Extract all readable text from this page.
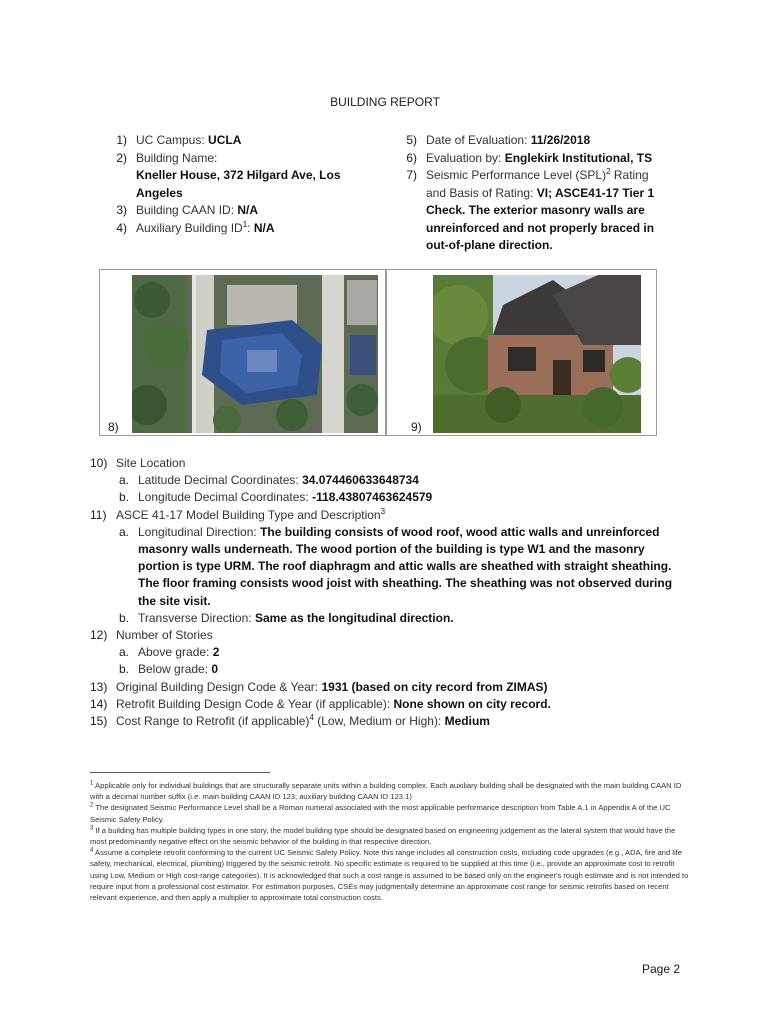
BUILDING REPORT
1) UC Campus: UCLA
2) Building Name:
Kneller House, 372 Hilgard Ave, Los Angeles
3) Building CAAN ID: N/A
4) Auxiliary Building $ID^1$: N/A
5) Date of Evaluation: 11/26/2018
6) Evaluation by: Englekirk Institutional, TS
7) Seismic Performance Level (SPL)$^2$ Rating and Basis of Rating: VI; ASCE41-17 Tier 1 Check. The exterior masonry walls are unreinforced and not properly braced in out-of-plane direction.
8)	9)
10) Site Location
a. Latitude Decimal Coordinates: 34.074460633648734
b. Longitude Decimal Coordinates: -118.43807463624579
11) ASCE 41-17 Model Building Type and Description$^3$
a. Longitudinal Direction: The building consists of wood roof, wood attic walls and unreinforced masonry walls underneath. The wood portion of the building is type W1 and the masonry portion is type URM. The roof diaphragm and attic walls are sheathed with straight sheathing. The floor framing consists wood joist with sheathing. The sheathing was not observed during the site visit.
b. Transverse Direction: Same as the longitudinal direction.
12) Number of Stories
a. Above grade: 2
b. Below grade: 0
13) Original Building Design Code & Year: 1931 (based on city record from ZIMAS)
14) Retrofit Building Design Code & Year (if applicable): None shown on city record.
15) Cost Range to Retrofit (if applicable)$^4$ (Low, Medium or High): Medium
$^1$ Applicable only for individual buildings that are structurally separate units within a building complex. Each auxiliary building shall be designated with the main building CAAN ID with a decimal number suffix (i.e. main building CAAN ID 123; auxiliary building CAAN ID 123.1)
$^2$ The designated Seismic Performance Level shall be a Roman numeral associated with the most applicable performance description from Table A.1 in Appendix A of the UC Seismic Safety Policy.
$^3$ If a building has multiple building types in one story, the model building type should be designated based on engineering judgement as the lateral system that would have the most predominantly negative effect on the seismic behavior of the building in that respective direction.
$^4$ Assume a complete retrofit conforming to the current UC Seismic Safety Policy. Note this range includes all construction costs, including code upgrades (e.g., ADA, fire and life safety, mechanical, electrical, plumbing) triggered by the seismic retrofit. No specific estimate is required to be supplied at this time (i.e., provide an approximate cost to retrofit using Low, Medium or High cost-range categories). It is acknowledged that such a cost range is assumed to be based only on the engineer's rough estimate and is not intended to require input from a professional cost estimator. For estimation purposes, CSEs may judgmentally determine an approximate cost range for seismic retrofits based on recent relevant experience, and then apply a multiplier to approximate total construction costs.
Page 2
